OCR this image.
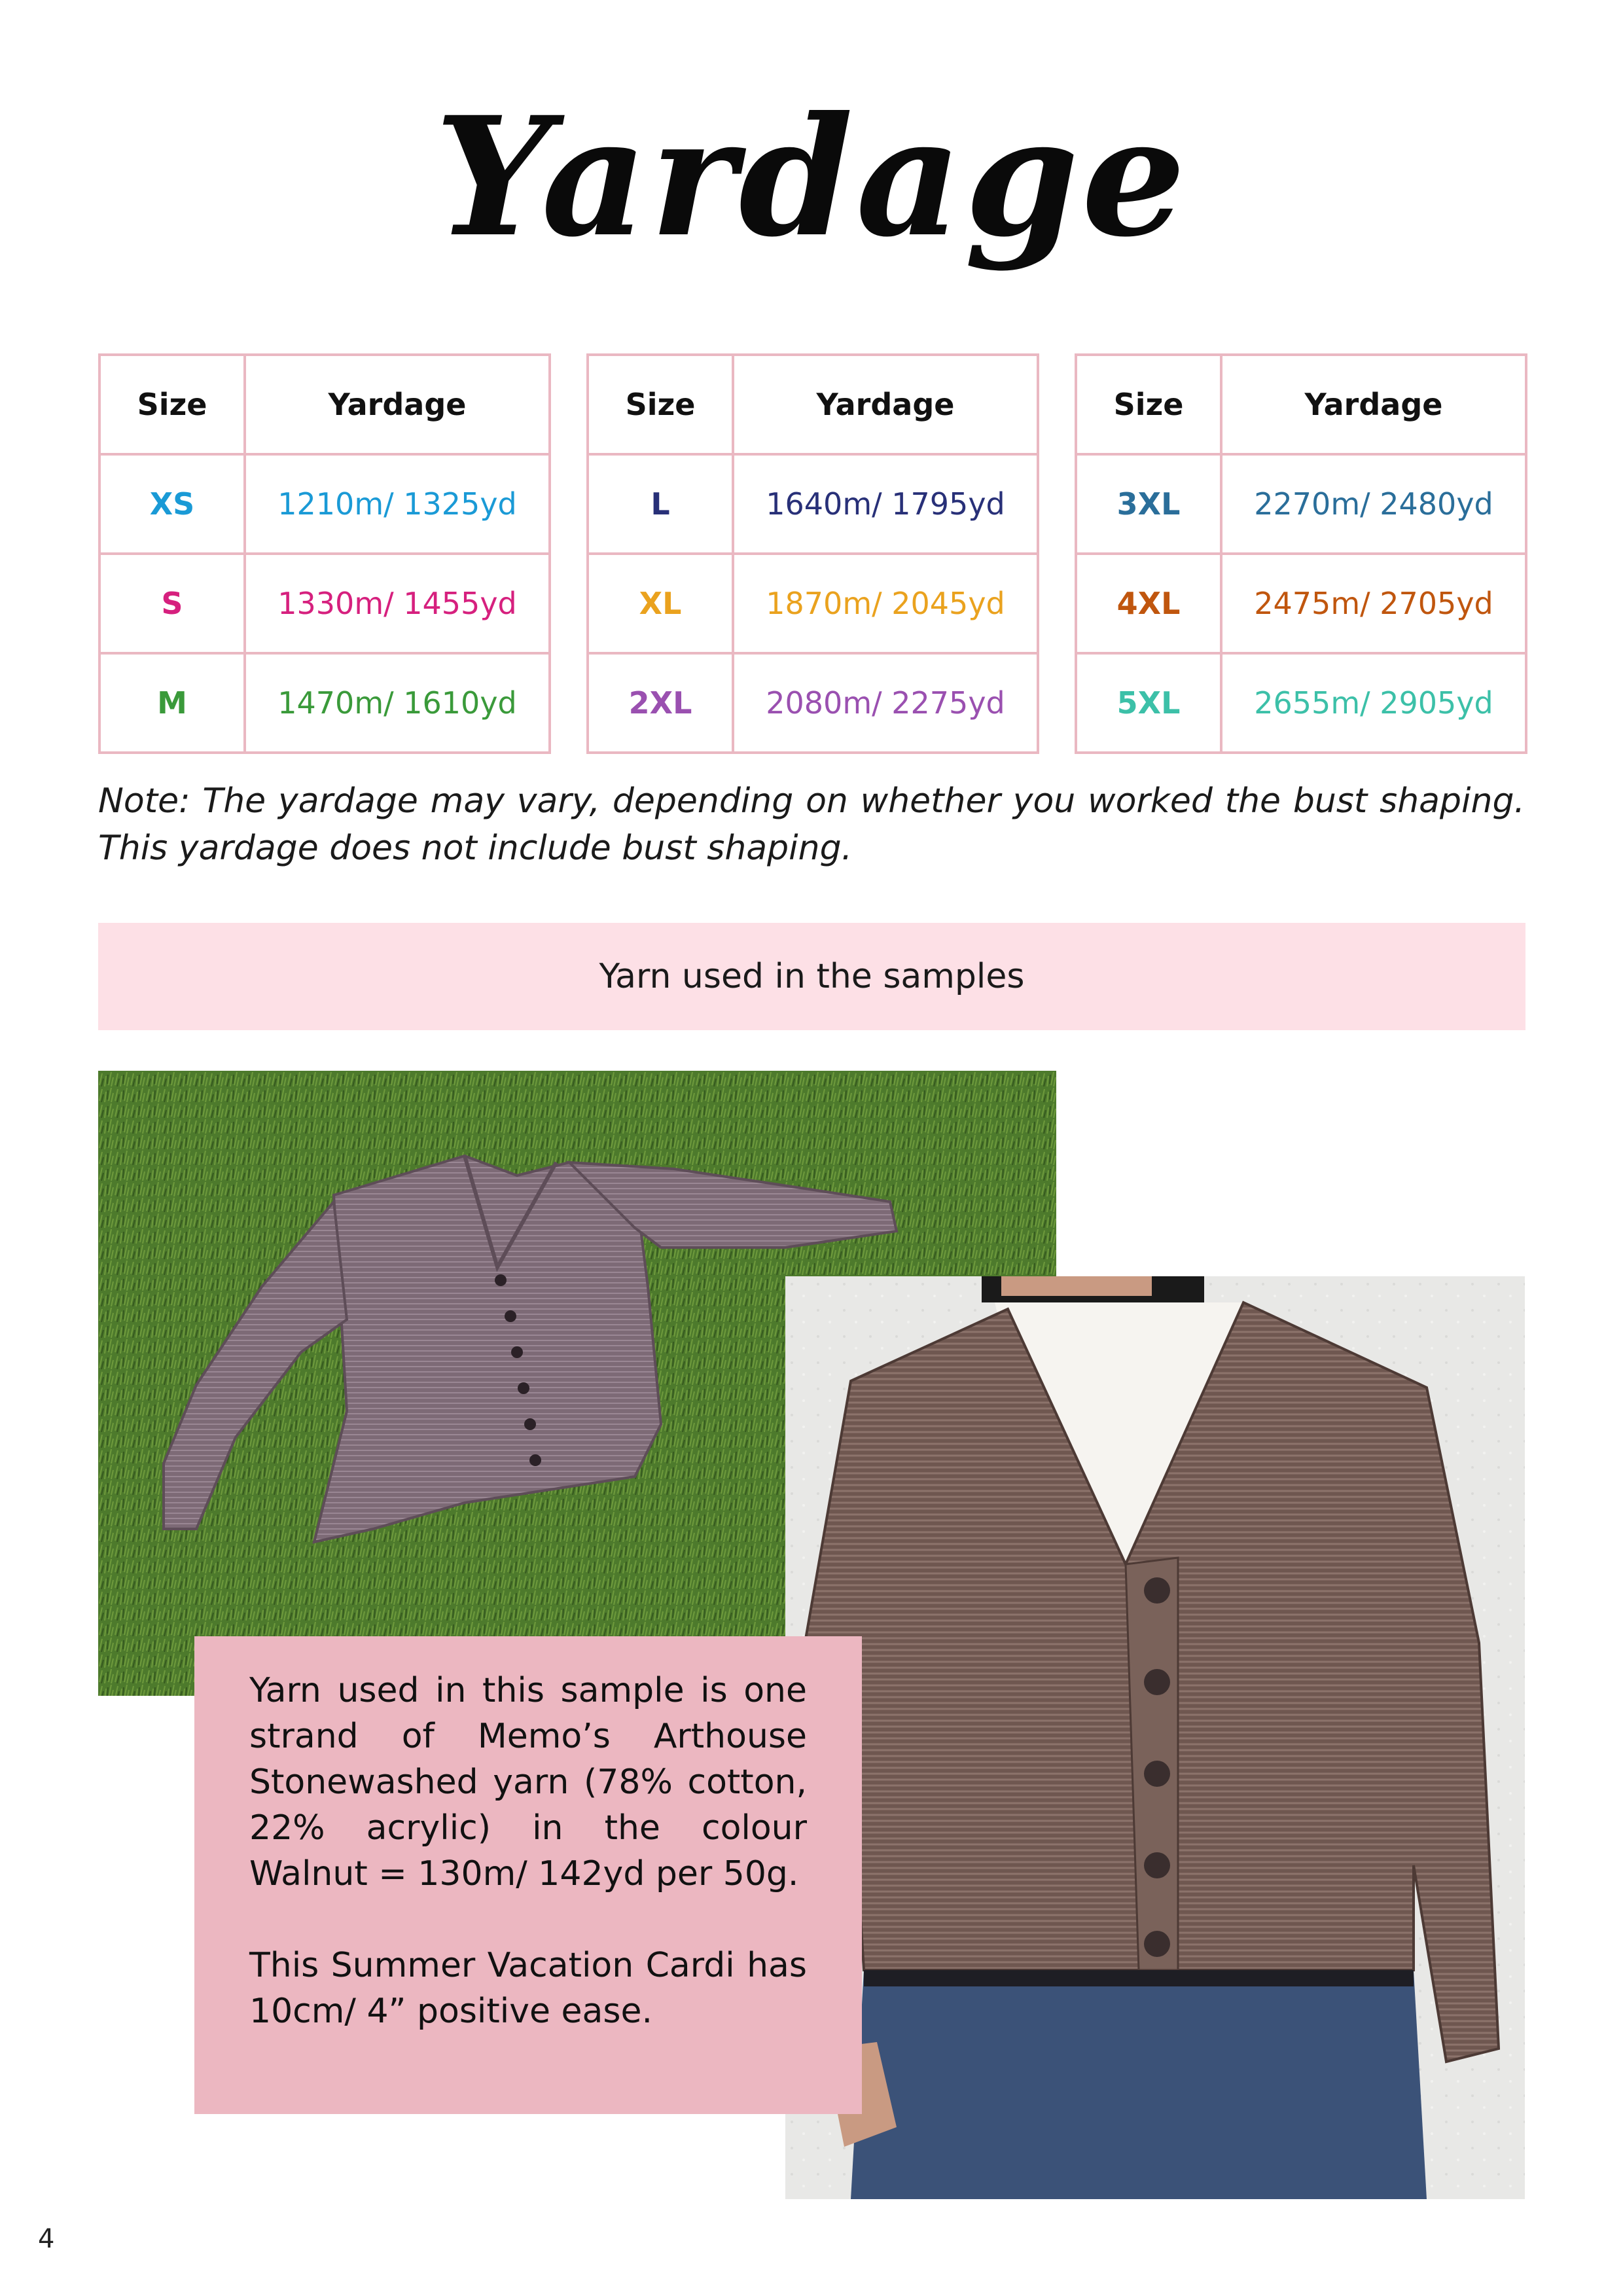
Yardage
Size	Yardage
XS	1210m/ 1325yd
S	1330m/ 1455yd
M	1470m/ 1610yd
Size	Yardage
L	1640m/ 1795yd
XL	1870m/ 2045yd
2XL	2080m/ 2275yd
Size	Yardage
3XL	2270m/ 2480yd
4XL	2475m/ 2705yd
5XL	2655m/ 2905yd
Note: The yardage may vary, depending on whether you worked the bust shaping. This yardage does not include bust shaping.
Yarn used in the samples

Yarn used in this sample is one strand of Memo’s Arthouse Stonewashed yarn (78% cotton, 22% acrylic) in the colour Walnut = 130m/ 142yd per 50g.

This Summer Vacation Cardi has 10cm/ 4” positive ease.

4
